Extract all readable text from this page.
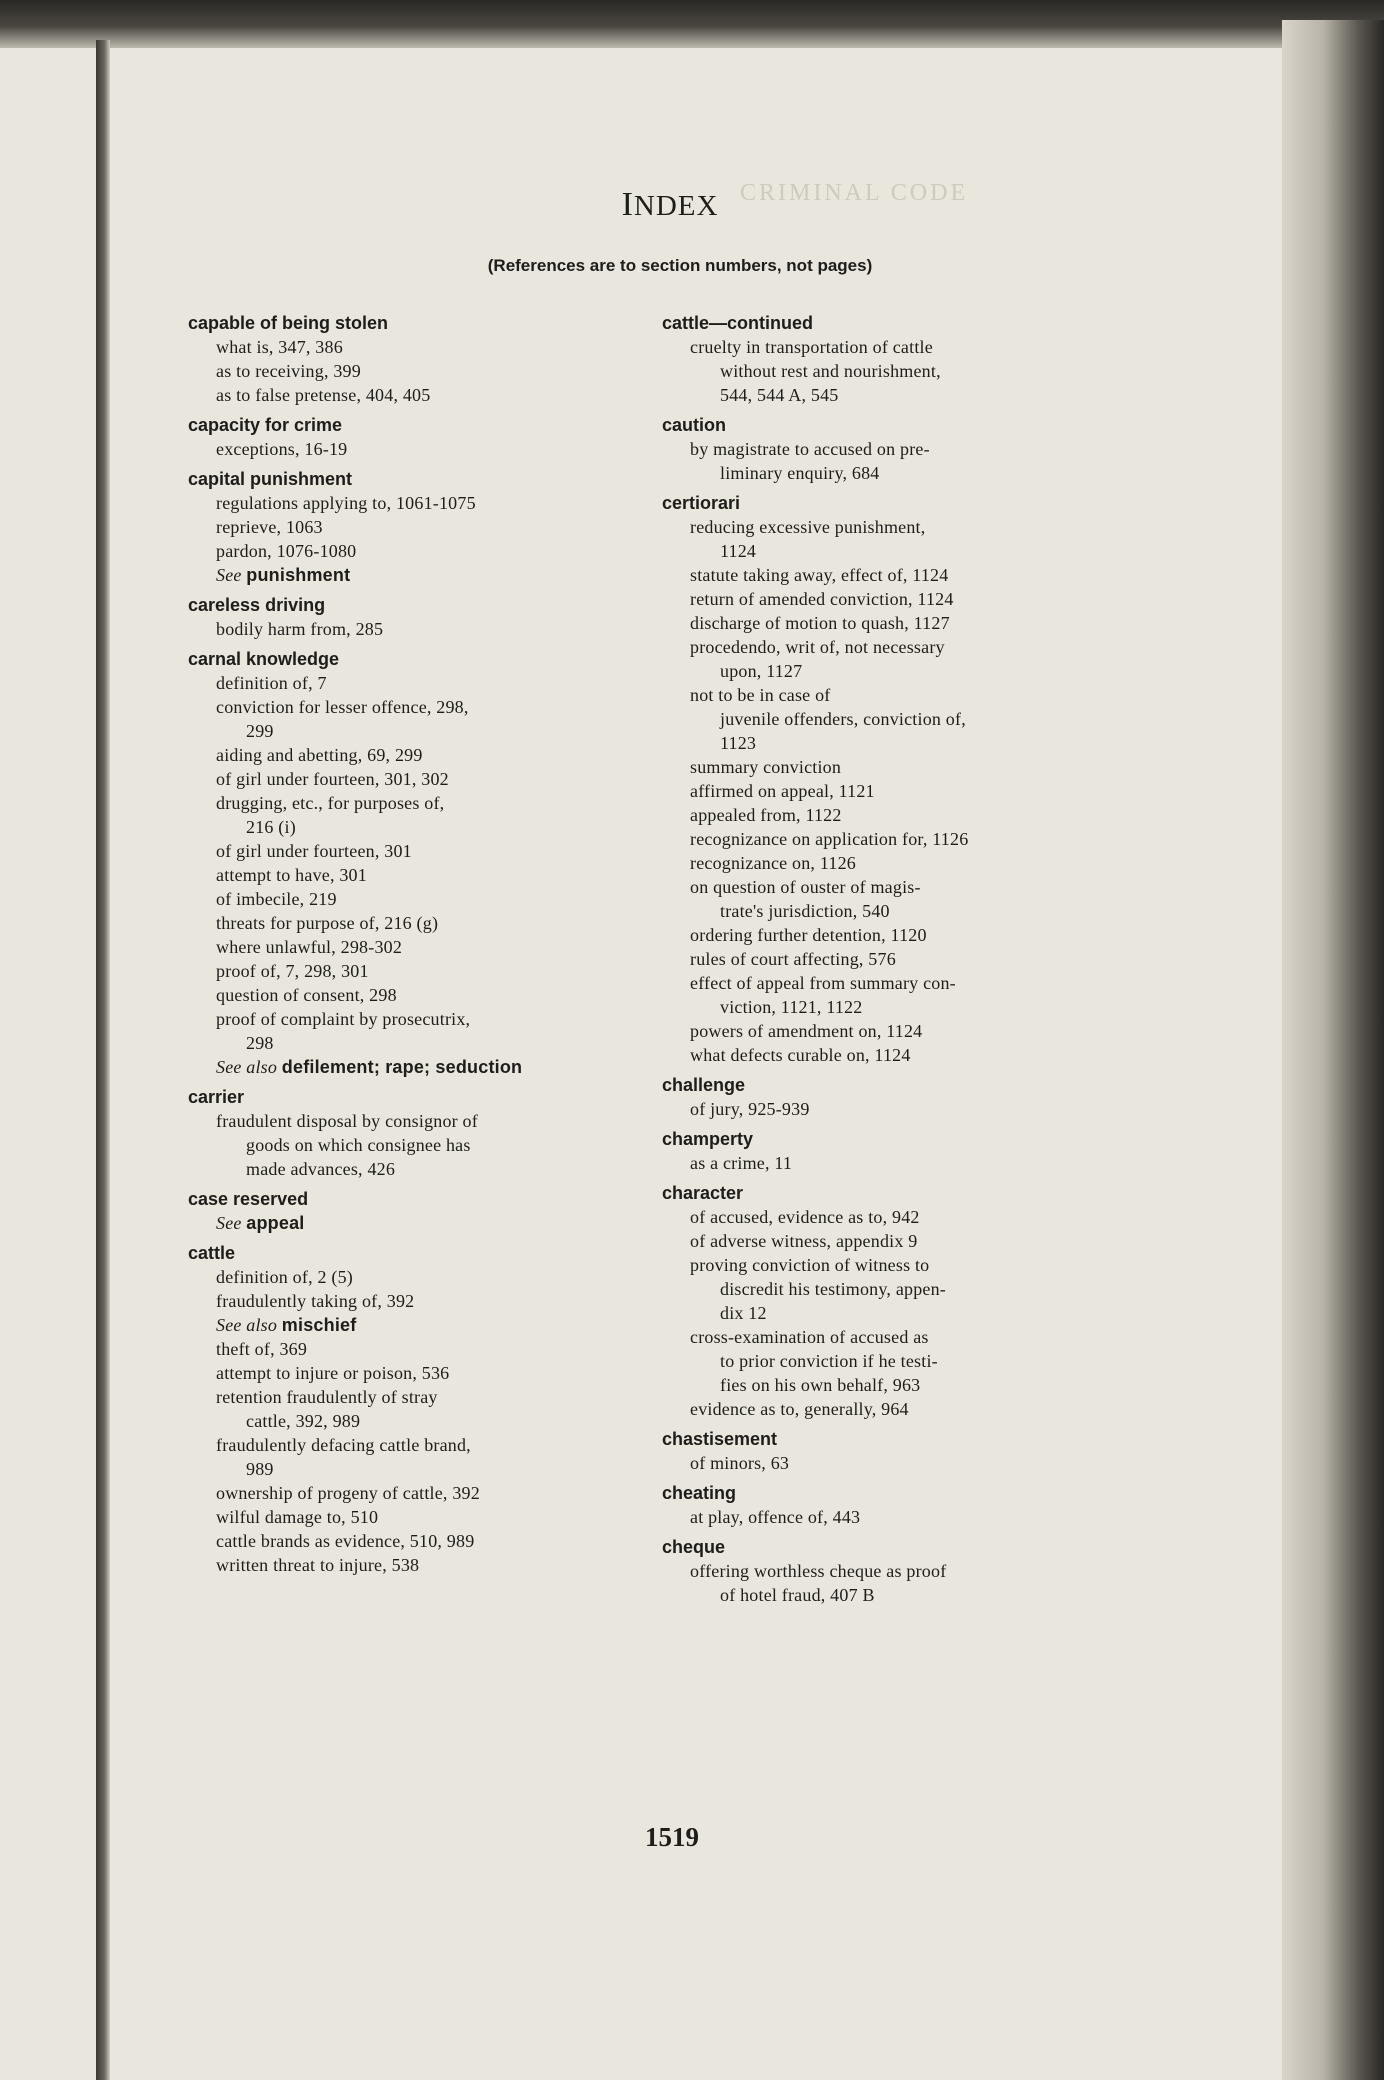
CRIMINAL CODE
INDEX
(References are to section numbers, not pages)
capable of being stolen
what is, 347, 386
as to receiving, 399
as to false pretense, 404, 405
capacity for crime
exceptions, 16-19
capital punishment
regulations applying to, 1061-1075
reprieve, 1063
pardon, 1076-1080
See punishment
careless driving
bodily harm from, 285
carnal knowledge
definition of, 7
conviction for lesser offence, 298,
299
aiding and abetting, 69, 299
of girl under fourteen, 301, 302
drugging, etc., for purposes of,
216 (i)
of girl under fourteen, 301
attempt to have, 301
of imbecile, 219
threats for purpose of, 216 (g)
where unlawful, 298-302
proof of, 7, 298, 301
question of consent, 298
proof of complaint by prosecutrix,
298
See also defilement; rape; seduction
carrier
fraudulent disposal by consignor of
goods on which consignee has
made advances, 426
case reserved
See appeal
cattle
definition of, 2 (5)
fraudulently taking of, 392
See also mischief
theft of, 369
attempt to injure or poison, 536
retention fraudulently of stray
cattle, 392, 989
fraudulently defacing cattle brand,
989
ownership of progeny of cattle, 392
wilful damage to, 510
cattle brands as evidence, 510, 989
written threat to injure, 538
cattle—continued
cruelty in transportation of cattle
without rest and nourishment,
544, 544 A, 545
caution
by magistrate to accused on pre-
liminary enquiry, 684
certiorari
reducing excessive punishment,
1124
statute taking away, effect of, 1124
return of amended conviction, 1124
discharge of motion to quash, 1127
procedendo, writ of, not necessary
upon, 1127
not to be in case of
juvenile offenders, conviction of,
1123
summary conviction
affirmed on appeal, 1121
appealed from, 1122
recognizance on application for, 1126
recognizance on, 1126
on question of ouster of magis-
trate's jurisdiction, 540
ordering further detention, 1120
rules of court affecting, 576
effect of appeal from summary con-
viction, 1121, 1122
powers of amendment on, 1124
what defects curable on, 1124
challenge
of jury, 925-939
champerty
as a crime, 11
character
of accused, evidence as to, 942
of adverse witness, appendix 9
proving conviction of witness to
discredit his testimony, appen-
dix 12
cross-examination of accused as
to prior conviction if he testi-
fies on his own behalf, 963
evidence as to, generally, 964
chastisement
of minors, 63
cheating
at play, offence of, 443
cheque
offering worthless cheque as proof
of hotel fraud, 407 B
1519
